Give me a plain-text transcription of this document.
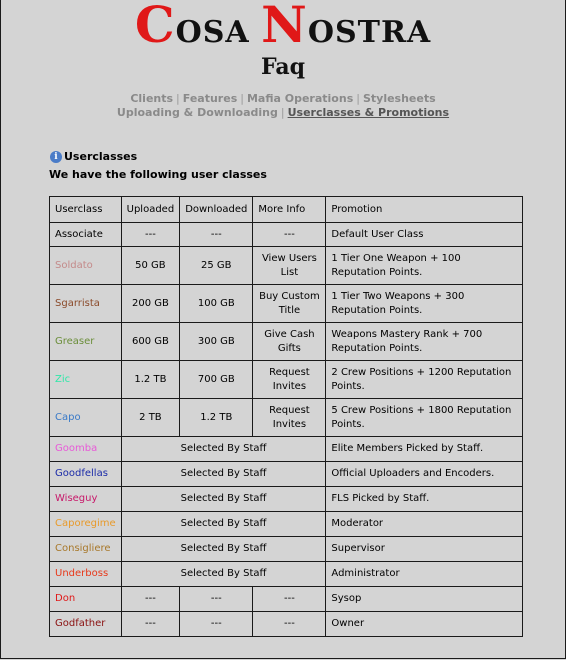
COSA NOSTRA
Faq
Clients | Features | Mafia Operations | Stylesheets
Uploading & Downloading | Userclasses & Promotions
i Userclasses
We have the following user classes
Userclass	Uploaded	Downloaded	More Info	Promotion
Associate	---	---	---	Default User Class
Soldato	50 GB	25 GB	View Users List	1 Tier One Weapon + 100 Reputation Points.
Sgarrista	200 GB	100 GB	Buy Custom Title	1 Tier Two Weapons + 300 Reputation Points.
Greaser	600 GB	300 GB	Give Cash Gifts	Weapons Mastery Rank + 700 Reputation Points.
Zic	1.2 TB	700 GB	Request Invites	2 Crew Positions + 1200 Reputation Points.
Capo	2 TB	1.2 TB	Request Invites	5 Crew Positions + 1800 Reputation Points.
Goomba	Selected By Staff			Elite Members Picked by Staff.
Goodfellas	Selected By Staff			Official Uploaders and Encoders.
Wiseguy	Selected By Staff			FLS Picked by Staff.
Caporegime	Selected By Staff			Moderator
Consigliere	Selected By Staff			Supervisor
Underboss	Selected By Staff			Administrator
Don	---	---	---	Sysop
Godfather	---	---	---	Owner
